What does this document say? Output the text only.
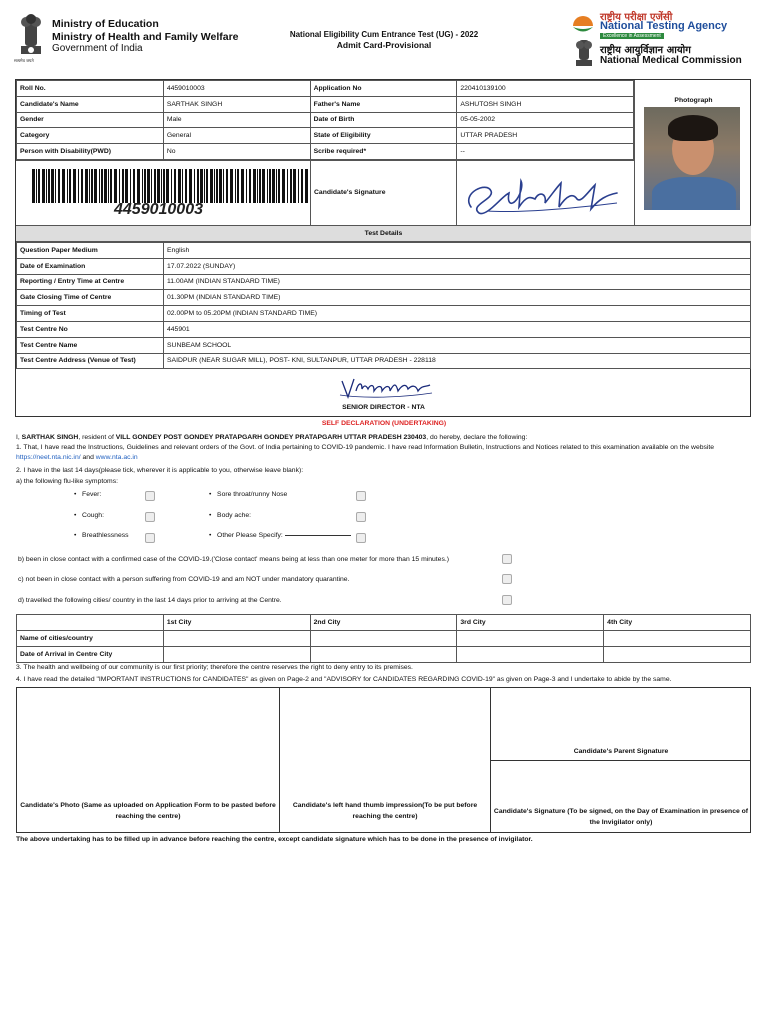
सत्यमेव जयते
Ministry of Education
Ministry of Health and Family Welfare
Government of India
National Eligibility Cum Entrance Test (UG) - 2022
Admit Card-Provisional
राष्ट्रीय परीक्षा एजेंसी
National Testing Agency
Excellence in Assessment
राष्ट्रीय आयुर्विज्ञान आयोग
National Medical Commission
Roll No.	4459010003	Application No	220410139100
Candidate's Name	SARTHAK SINGH	Father's Name	ASHUTOSH SINGH
Gender	Male	Date of Birth	05-05-2002
Category	General	State of Eligibility	UTTAR PRADESH
Person with Disability(PWD)	No	Scribe required*	--
Photograph
4459010003
Candidate's Signature
Test Details
Question Paper Medium	English
Date of Examination	17.07.2022 (SUNDAY)
Reporting / Entry Time at Centre	11.00AM (INDIAN STANDARD TIME)
Gate Closing Time of Centre	01.30PM (INDIAN STANDARD TIME)
Timing of Test	02.00PM to 05.20PM (INDIAN STANDARD TIME)
Test Centre No	445901
Test Centre Name	SUNBEAM SCHOOL
Test Centre Address (Venue of Test)	SAIDPUR (NEAR SUGAR MILL), POST- KNI, SULTANPUR, UTTAR PRADESH - 228118
SENIOR DIRECTOR - NTA
SELF DECLARATION (UNDERTAKING)
I, SARTHAK SINGH, resident of VILL GONDEY POST GONDEY PRATAPGARH GONDEY PRATAPGARH UTTAR PRADESH 230403, do hereby, declare the following:
1. That, I have read the Instructions, Guidelines and relevant orders of the Govt. of India pertaining to COVID-19 pandemic. I have read Information Bulletin, Instructions and Notices related to this examination available on the website https://neet.nta.nic.in/ and www.nta.ac.in
2. I have in the last 14 days(please tick, wherever it is applicable to you, otherwise leave blank):
a) the following flu-like symptoms:
•   Fever:	•   Sore throat/runny Nose
•   Cough:	•   Body ache:
•   Breathlessness	•   Other Please Specify:
b) been in close contact with a confirmed case of the COVID-19.('Close contact' means being at less than one meter for more than 15 minutes.)
c) not been in close contact with a person suffering from COVID-19 and am NOT under mandatory quarantine.
d) travelled the following cities/ country in the last 14 days prior to arriving at the Centre.
	1st City	2nd City	3rd City	4th City
Name of cities/country				
Date of Arrival in Centre City				
3. The health and wellbeing of our community is our first priority; therefore the centre reserves the right to deny entry to its premises.
4. I have read the detailed "IMPORTANT INSTRUCTIONS for CANDIDATES" as given on Page-2 and "ADVISORY for CANDIDATES REGARDING COVID-19" as given on Page-3 and I undertake to abide by the same.
Candidate's Photo (Same as uploaded on Application Form to be pasted before reaching the centre)
Candidate's left hand thumb impression(To be put before reaching the centre)
Candidate's Parent Signature
Candidate's Signature (To be signed, on the Day of Examination in presence of the Invigilator only)
The above undertaking has to be filled up in advance before reaching the centre, except candidate signature which has to be done in the presence of invigilator.
